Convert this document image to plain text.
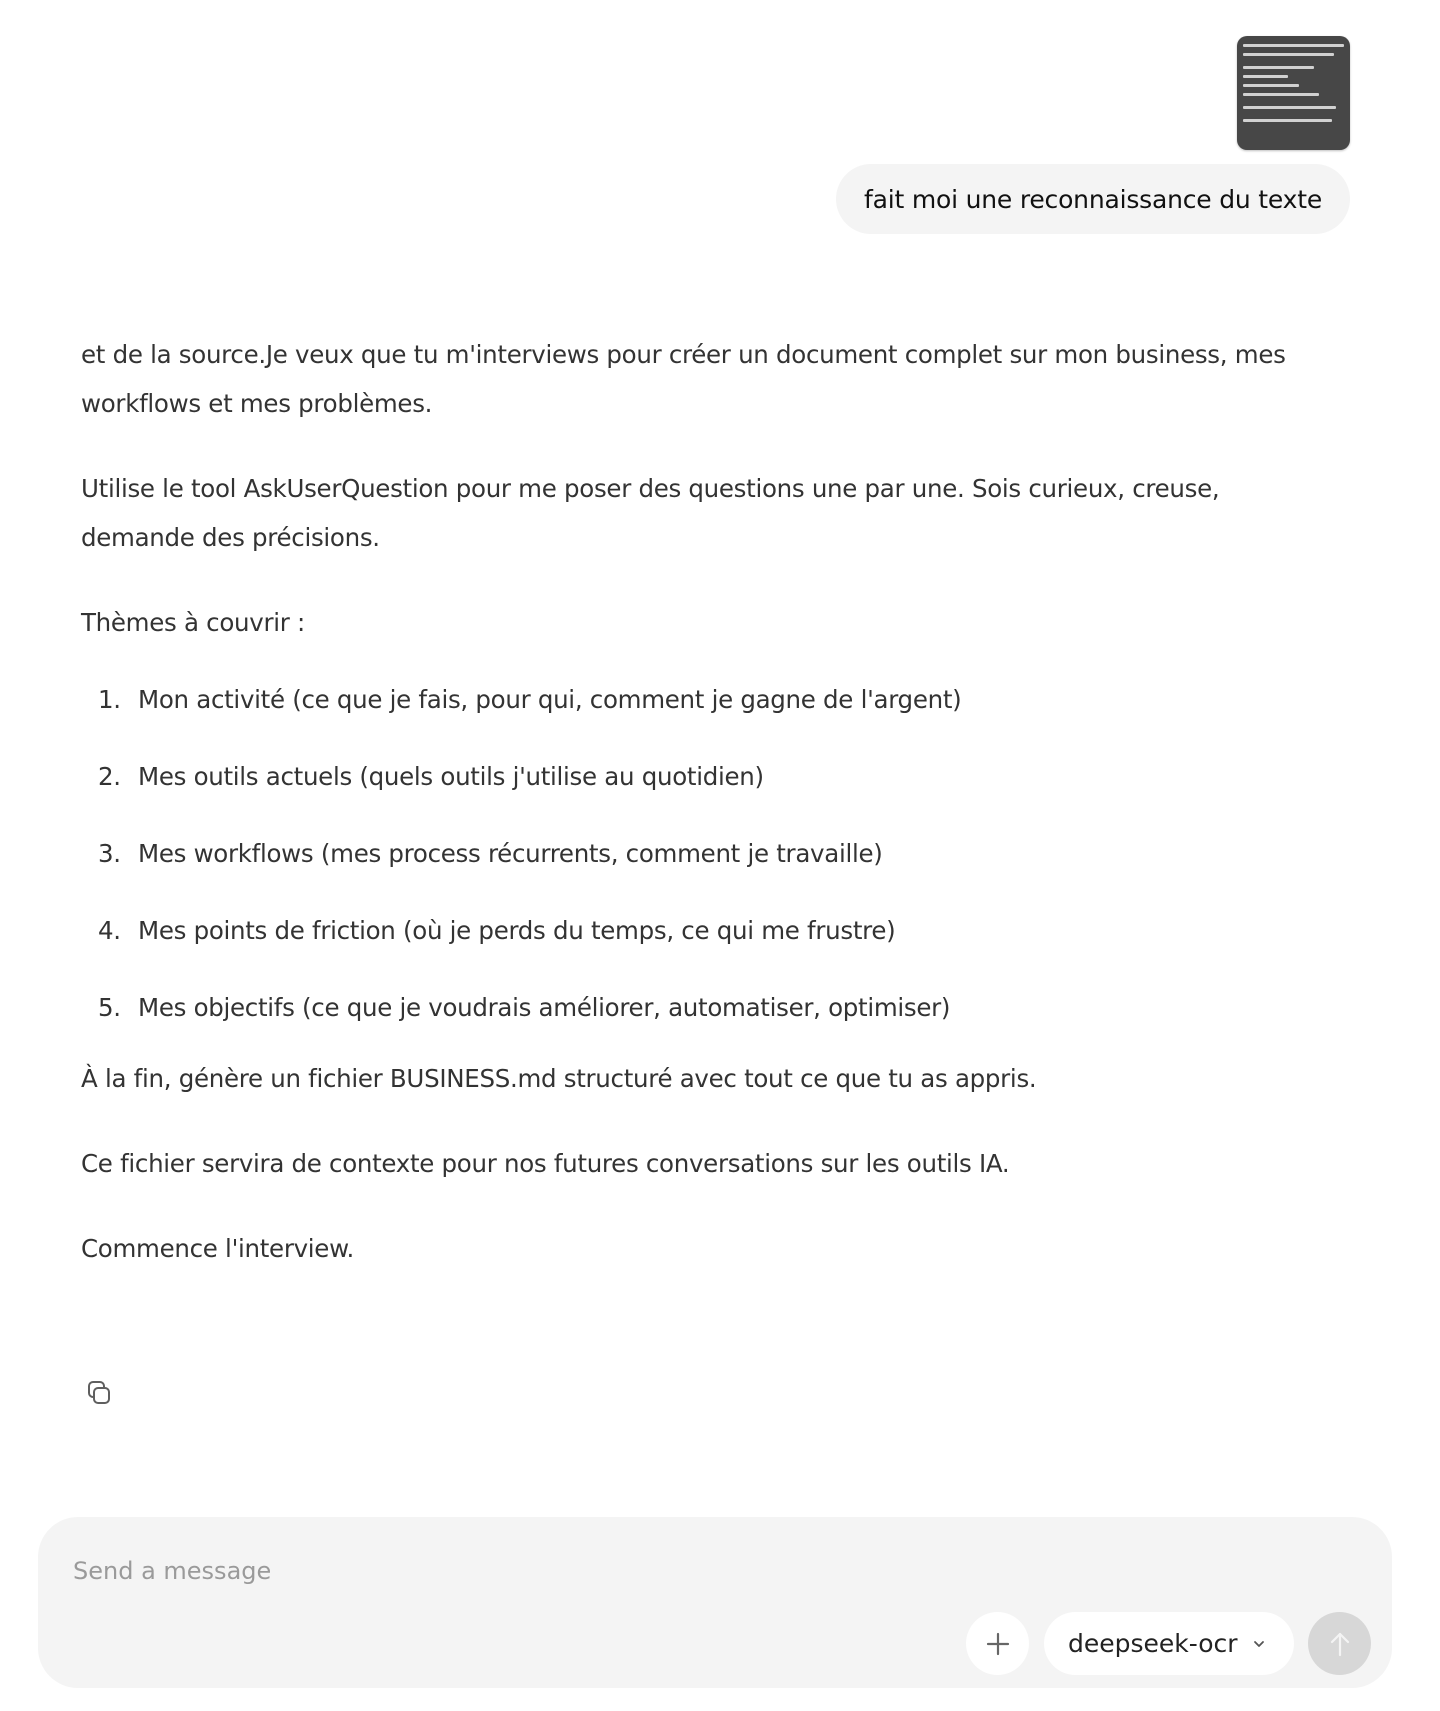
fait moi une reconnaissance du texte

et de la source.Je veux que tu m'interviews pour créer un document complet sur mon business, mes
workflows et mes problèmes.

Utilise le tool AskUserQuestion pour me poser des questions une par une. Sois curieux, creuse,
demande des précisions.

Thèmes à couvrir :

1. Mon activité (ce que je fais, pour qui, comment je gagne de l'argent)
2. Mes outils actuels (quels outils j'utilise au quotidien)
3. Mes workflows (mes process récurrents, comment je travaille)
4. Mes points de friction (où je perds du temps, ce qui me frustre)
5. Mes objectifs (ce que je voudrais améliorer, automatiser, optimiser)

À la fin, génère un fichier BUSINESS.md structuré avec tout ce que tu as appris.

Ce fichier servira de contexte pour nos futures conversations sur les outils IA.

Commence l'interview.

Send a message
deepseek-ocr
